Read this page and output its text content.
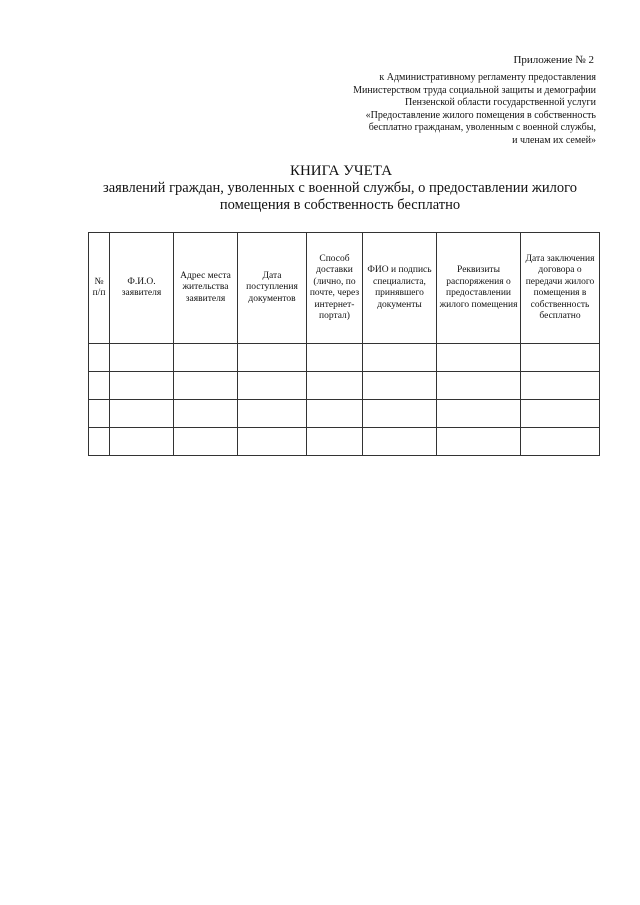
Приложение № 2
к Административному регламенту предоставления
Министерством труда социальной защиты и демографии
Пензенской области государственной услуги
«Предоставление жилого помещения в собственность
бесплатно гражданам, уволенным с военной службы,
и членам их семей»
КНИГА УЧЕТА
заявлений граждан, уволенных с военной службы, о предоставлении жилого
помещения в собственность бесплатно
№ п/п	Ф.И.О. заявителя	Адрес места жительства заявителя	Дата поступления документов	Способ доставки (лично, по почте, через интернет-портал)	ФИО и подпись специалиста, принявшего документы	Реквизиты распоряжения о предоставлении жилого помещения	Дата заключения договора о передачи жилого помещения в собственность бесплатно
